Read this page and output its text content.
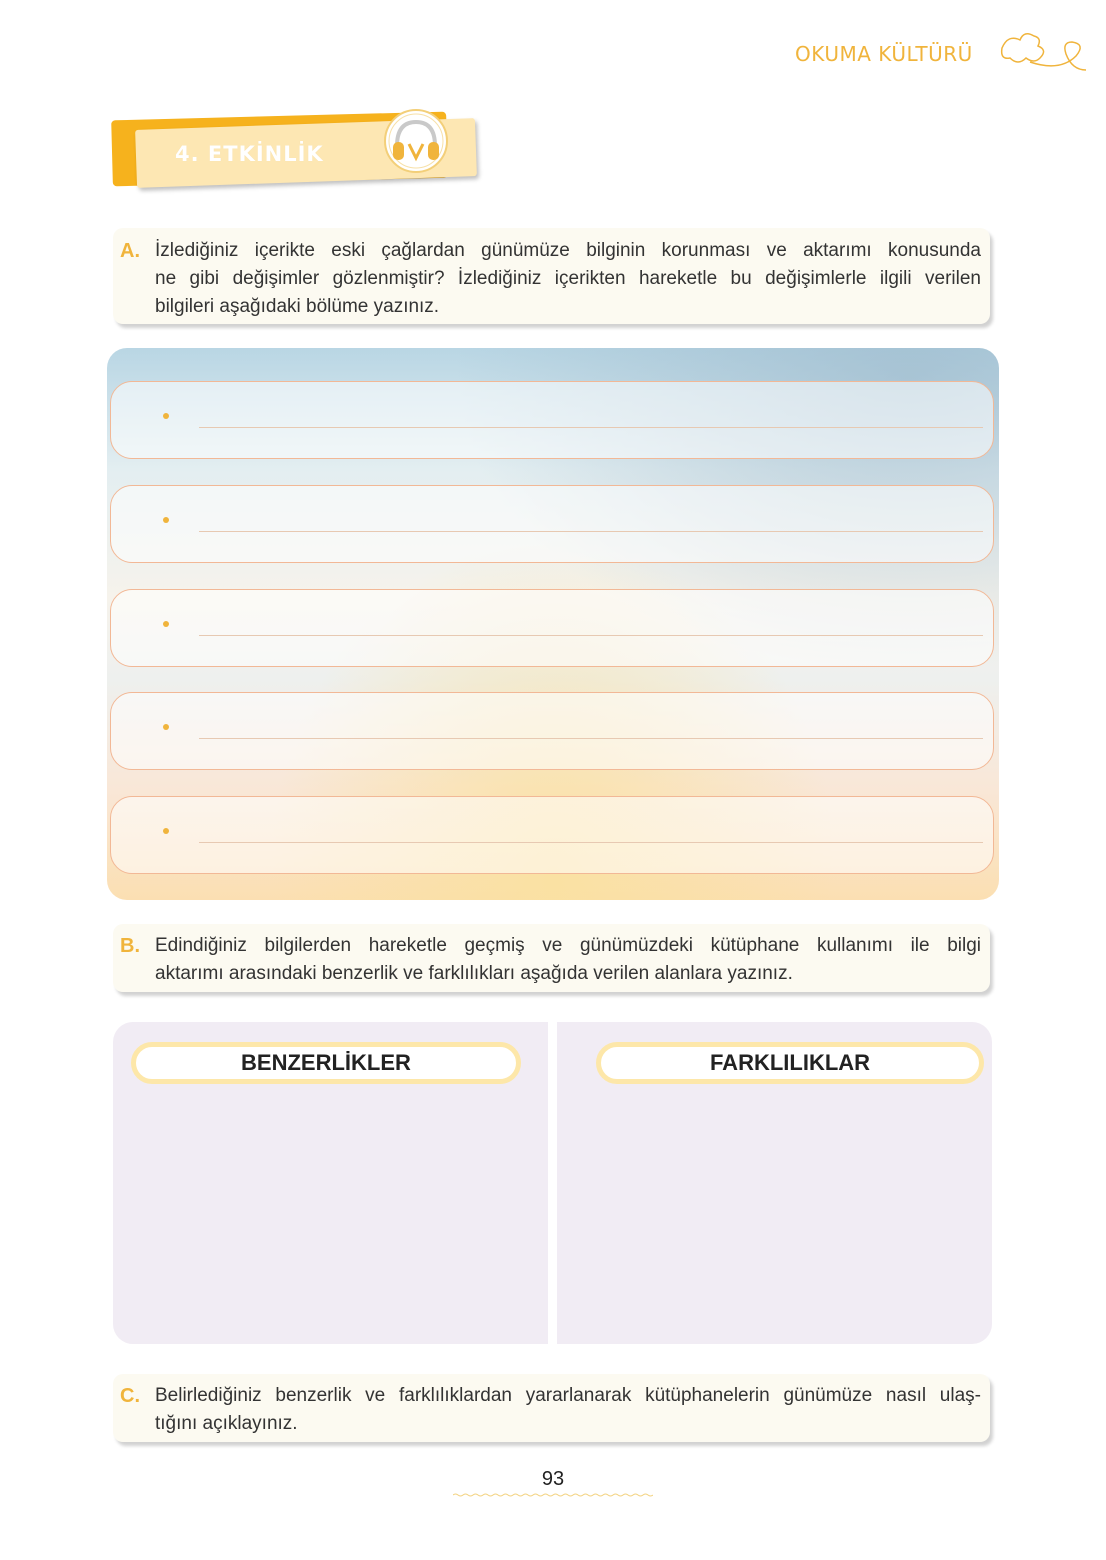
OKUMA KÜLTÜRÜ
4. ETKİNLİK
A. İzlediğiniz içerikte eski çağlardan günümüze bilginin korunması ve aktarımı konusunda
ne gibi değişimler gözlenmiştir? İzlediğiniz içerikten hareketle bu değişimlerle ilgili verilen
bilgileri aşağıdaki bölüme yazınız.
B. Edindiğiniz bilgilerden hareketle geçmiş ve günümüzdeki kütüphane kullanımı ile bilgi
aktarımı arasındaki benzerlik ve farklılıkları aşağıda verilen alanlara yazınız.
BENZERLİKLER	FARKLILIKLAR
C. Belirlediğiniz benzerlik ve farklılıklardan yararlanarak kütüphanelerin günümüze nasıl ulaş-
tığını açıklayınız.
93
